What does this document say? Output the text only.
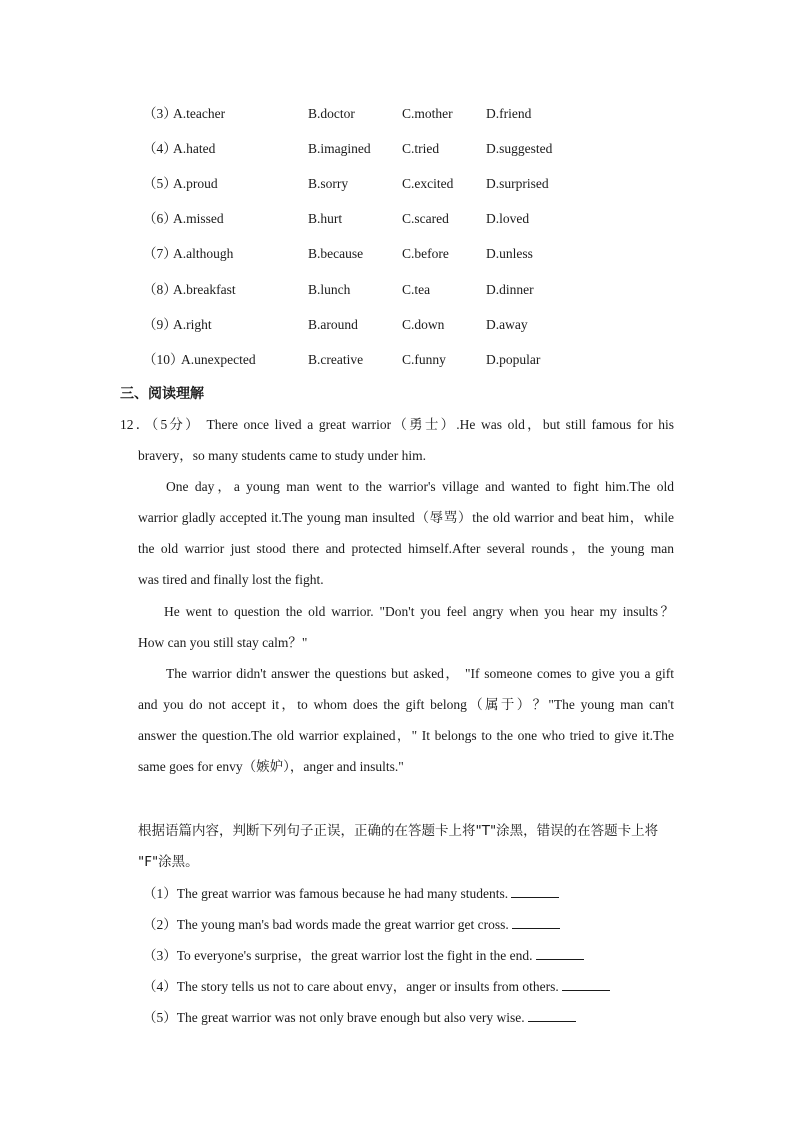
（3）
A.teacher	B.doctor	C.mother D.friend
（4）
A.hated	B.imagined C.tried	D.suggested
（5）
A.proud	B.sorry	C.excited D.surprised
（6）
A.missed	B.hurt	C.scared	D.loved
（7）
A.although	B.because	C.before	D.unless
（8）
A.breakfast	B.lunch	C.tea	D.dinner
（9）
A.right	B.around	C.down	D.away
（10）
A.unexpected	B.creative	C.funny	D.popular
三、阅读理解
12．（5分） There once lived a great warrior（勇士）.He was old，but still famous for his
bravery，so many students came to study under him.
One day，a young man went to the warrior's village and wanted to fight him.The old
warrior gladly accepted it.The young man insulted（辱骂）the old warrior and beat him，while
the old warrior just stood there and protected himself.After several rounds，the young man
was tired and finally lost the fight.
He went to question the old warrior. "Don't you feel angry when you hear my insults？
How can you still stay calm？"
The warrior didn't answer the questions but asked， "If someone comes to give you a gift
and you do not accept it，to whom does the gift belong（属于）？"The young man can't
answer the question.The old warrior explained，" It belongs to the one who tried to give it.The
same goes for envy（嫉妒），anger and insults."
根据语篇内容，判断下列句子正误，正确的在答题卡上将"T"涂黑，错误的在答题卡上将
"F"涂黑。
（1）The great warrior was famous because he had many students.
（2）The young man's bad words made the great warrior get cross.
（3）To everyone's surprise，the great warrior lost the fight in the end.
（4）The story tells us not to care about envy，anger or insults from others.
（5）The great warrior was not only brave enough but also very wise.
